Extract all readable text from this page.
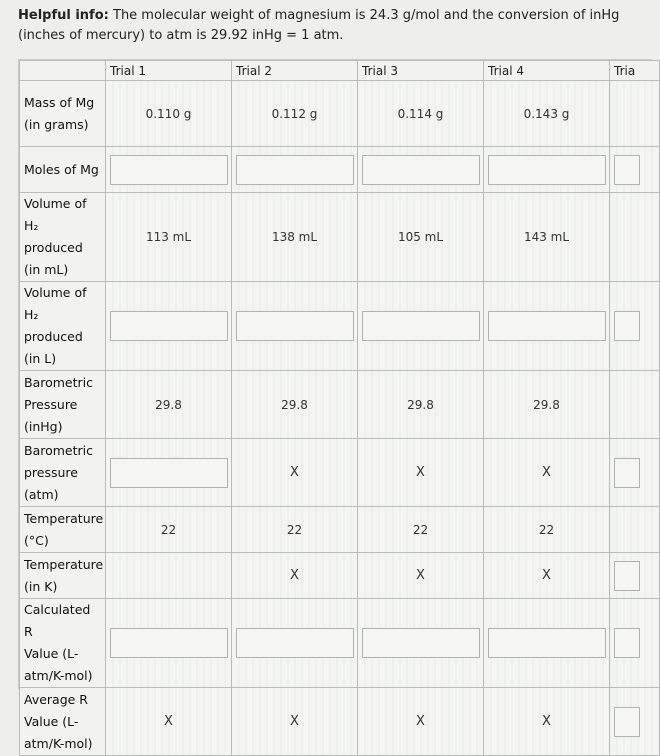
Helpful info: The molecular weight of magnesium is 24.3 g/mol and the conversion of inHg (inches of mercury) to atm is 29.92 inHg = 1 atm.
	Trial 1	Trial 2	Trial 3	Trial 4	Tria

Mass of Mg
(in grams)	0.110 g	0.112 g	0.114 g	0.143 g	

Moles of Mg					

Volume of
H₂ produced
(in mL)	113 mL	138 mL	105 mL	143 mL	

Volume of
H₂ produced
(in L)					

Barometric
Pressure
(inHg)	29.8	29.8	29.8	29.8	

Barometric
pressure
(atm)		X	X	X	

Temperature
(°C)	22	22	22	22	

Temperature
(in K)		X	X	X	

Calculated R
Value (L-
atm/K-mol)					

Average R
Value (L-
atm/K-mol)	X	X	X	X	
